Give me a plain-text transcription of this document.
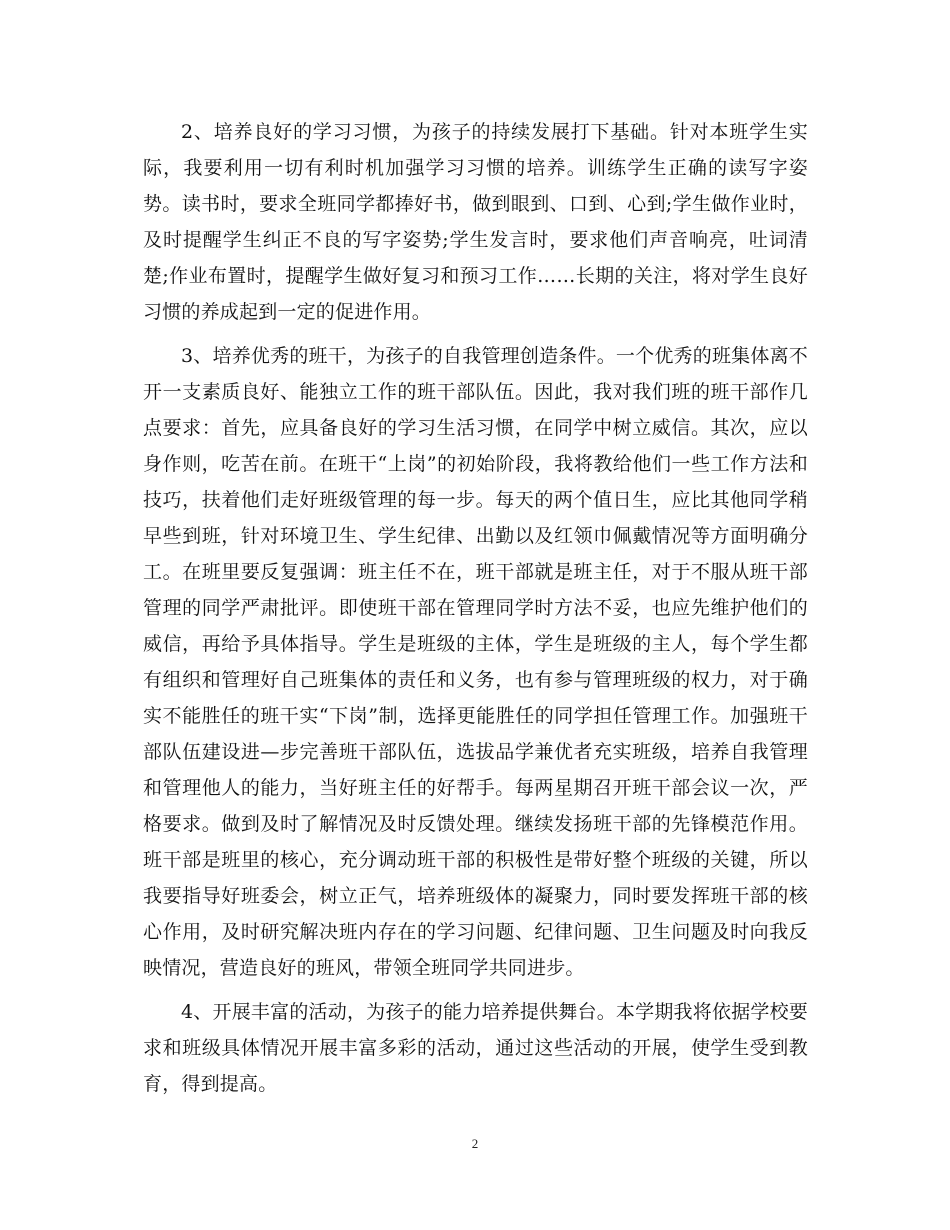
2、培养良好的学习习惯，为孩子的持续发展打下基础。针对本班学生实际，我要利用一切有利时机加强学习习惯的培养。训练学生正确的读写字姿势。读书时，要求全班同学都捧好书，做到眼到、口到、心到;学生做作业时，及时提醒学生纠正不良的写字姿势;学生发言时，要求他们声音响亮，吐词清楚;作业布置时，提醒学生做好复习和预习工作……长期的关注，将对学生良好习惯的养成起到一定的促进作用。

3、培养优秀的班干，为孩子的自我管理创造条件。一个优秀的班集体离不开一支素质良好、能独立工作的班干部队伍。因此，我对我们班的班干部作几点要求：首先，应具备良好的学习生活习惯，在同学中树立威信。其次，应以身作则，吃苦在前。在班干“上岗”的初始阶段，我将教给他们一些工作方法和技巧，扶着他们走好班级管理的每一步。每天的两个值日生，应比其他同学稍早些到班，针对环境卫生、学生纪律、出勤以及红领巾佩戴情况等方面明确分工。在班里要反复强调：班主任不在，班干部就是班主任，对于不服从班干部管理的同学严肃批评。即使班干部在管理同学时方法不妥，也应先维护他们的威信，再给予具体指导。学生是班级的主体，学生是班级的主人，每个学生都有组织和管理好自己班集体的责任和义务，也有参与管理班级的权力，对于确实不能胜任的班干实“下岗”制，选择更能胜任的同学担任管理工作。加强班干部队伍建设进—步完善班干部队伍，选拔品学兼优者充实班级，培养自我管理和管理他人的能力，当好班主任的好帮手。每两星期召开班干部会议一次，严格要求。做到及时了解情况及时反馈处理。继续发扬班干部的先锋模范作用。班干部是班里的核心，充分调动班干部的积极性是带好整个班级的关键，所以我要指导好班委会，树立正气，培养班级体的凝聚力，同时要发挥班干部的核心作用，及时研究解决班内存在的学习问题、纪律问题、卫生问题及时向我反映情况，营造良好的班风，带领全班同学共同进步。

4、开展丰富的活动，为孩子的能力培养提供舞台。本学期我将依据学校要求和班级具体情况开展丰富多彩的活动，通过这些活动的开展，使学生受到教育，得到提高。

2
